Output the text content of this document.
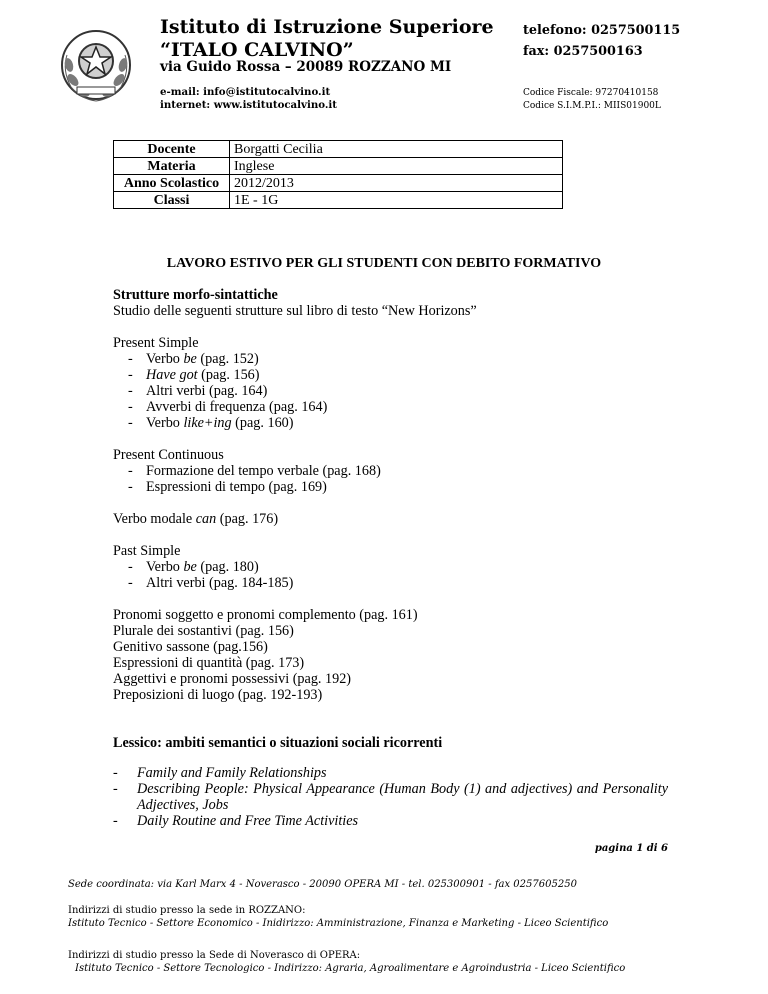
Istituto di Istruzione Superiore
“ITALO CALVINO”
via Guido Rossa – 20089 ROZZANO MI
e-mail: info@istitutocalvino.it
internet: www.istitutocalvino.it
telefono: 0257500115
fax: 0257500163
Codice Fiscale: 97270410158
Codice S.I.M.P.I.: MIIS01900L
Docente	Borgatti Cecilia
Materia	Inglese
Anno Scolastico	2012/2013
Classi	1E - 1G
LAVORO ESTIVO PER GLI STUDENTI CON DEBITO FORMATIVO

Strutture morfo-sintattiche

Studio delle seguenti strutture sul libro di testo “New Horizons”

Present Simple

- Verbo be (pag. 152)

- Have got (pag. 156)

- Altri verbi (pag. 164)

- Avverbi di frequenza (pag. 164)

- Verbo like+ing (pag. 160)

Present Continuous

- Formazione del tempo verbale (pag. 168)

- Espressioni di tempo (pag. 169)

Verbo modale can (pag. 176)

Past Simple

- Verbo be (pag. 180)

- Altri verbi (pag. 184-185)

Pronomi soggetto e pronomi complemento (pag. 161)

Plurale dei sostantivi (pag. 156)

Genitivo sassone (pag.156)

Espressioni di quantità (pag. 173)

Aggettivi e pronomi possessivi (pag. 192)

Preposizioni di luogo (pag. 192-193)

Lessico: ambiti semantici o situazioni sociali ricorrenti

-	Family and Family Relationships
-	Describing People: Physical Appearance (Human Body (1) and adjectives) and Personality Adjectives, Jobs
-	Daily Routine and Free Time Activities
pagina 1 di 6
Sede coordinata: via Karl Marx 4 - Noverasco - 20090 OPERA MI - tel. 025300901 - fax 0257605250
Indirizzi di studio presso la sede in ROZZANO:
Istituto Tecnico - Settore Economico - Inidirizzo: Amministrazione, Finanza e Marketing - Liceo Scientifico
Indirizzi di studio presso la Sede di Noverasco di OPERA:
Istituto Tecnico - Settore Tecnologico - Indirizzo: Agraria, Agroalimentare e Agroindustria - Liceo Scientifico
